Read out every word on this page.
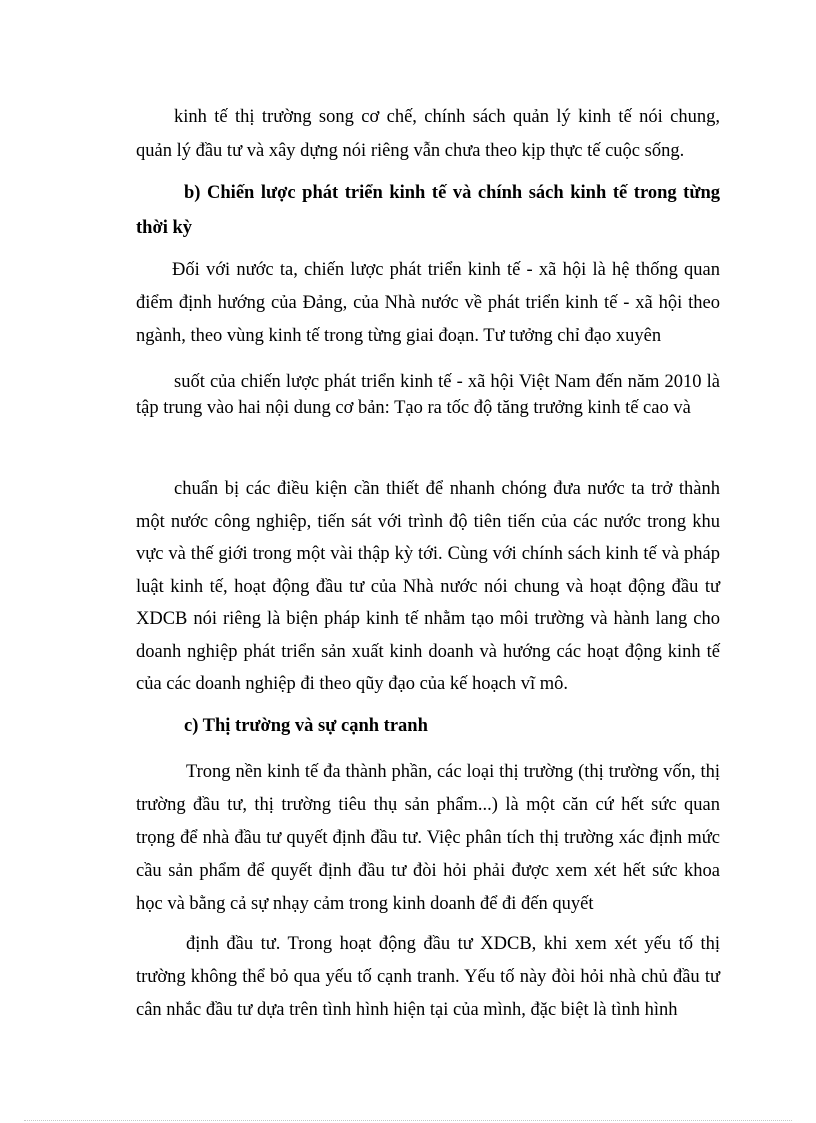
kinh tế thị trường song cơ chế, chính sách quản lý kinh tế nói chung, quản lý đầu tư và xây dựng nói riêng vẫn chưa theo kịp thực tế cuộc sống.

b) Chiến lược phát triển kinh tế và chính sách kinh tế trong từng thời kỳ

Đối với nước ta, chiến lược phát triển kinh tế - xã hội là hệ thống quan điểm định hướng của Đảng, của Nhà nước về phát triển kinh tế - xã hội theo ngành, theo vùng kinh tế trong từng giai đoạn. Tư tưởng chỉ đạo xuyên

suốt của chiến lược phát triển kinh tế - xã hội Việt Nam đến năm 2010 là tập trung vào hai nội dung cơ bản: Tạo ra tốc độ tăng trưởng kinh tế cao và

chuẩn bị các điều kiện cần thiết để nhanh chóng đưa nước ta trở thành một nước công nghiệp, tiến sát với trình độ tiên tiến của các nước trong khu vực và thế giới trong một vài thập kỳ tới. Cùng với chính sách kinh tế và pháp luật kinh tế, hoạt động đầu tư của Nhà nước nói chung và hoạt động đầu tư XDCB nói riêng là biện pháp kinh tế nhằm tạo môi trường và hành lang cho doanh nghiệp phát triển sản xuất kinh doanh và hướng các hoạt động kinh tế của các doanh nghiệp đi theo qũy đạo của kế hoạch vĩ mô.

c) Thị trường và sự cạnh tranh

Trong nền kinh tế đa thành phần, các loại thị trường (thị trường vốn, thị trường đầu tư, thị trường tiêu thụ sản phẩm...) là một căn cứ hết sức quan trọng để nhà đầu tư quyết định đầu tư. Việc phân tích thị trường xác định mức cầu sản phẩm để quyết định đầu tư đòi hỏi phải được xem xét hết sức khoa học và bằng cả sự nhạy cảm trong kinh doanh để đi đến quyết

định đầu tư. Trong hoạt động đầu tư XDCB, khi xem xét yếu tố thị trường không thể bỏ qua yếu tố cạnh tranh. Yếu tố này đòi hỏi nhà chủ đầu tư cân nhắc đầu tư dựa trên tình hình hiện tại của mình, đặc biệt là tình hình
